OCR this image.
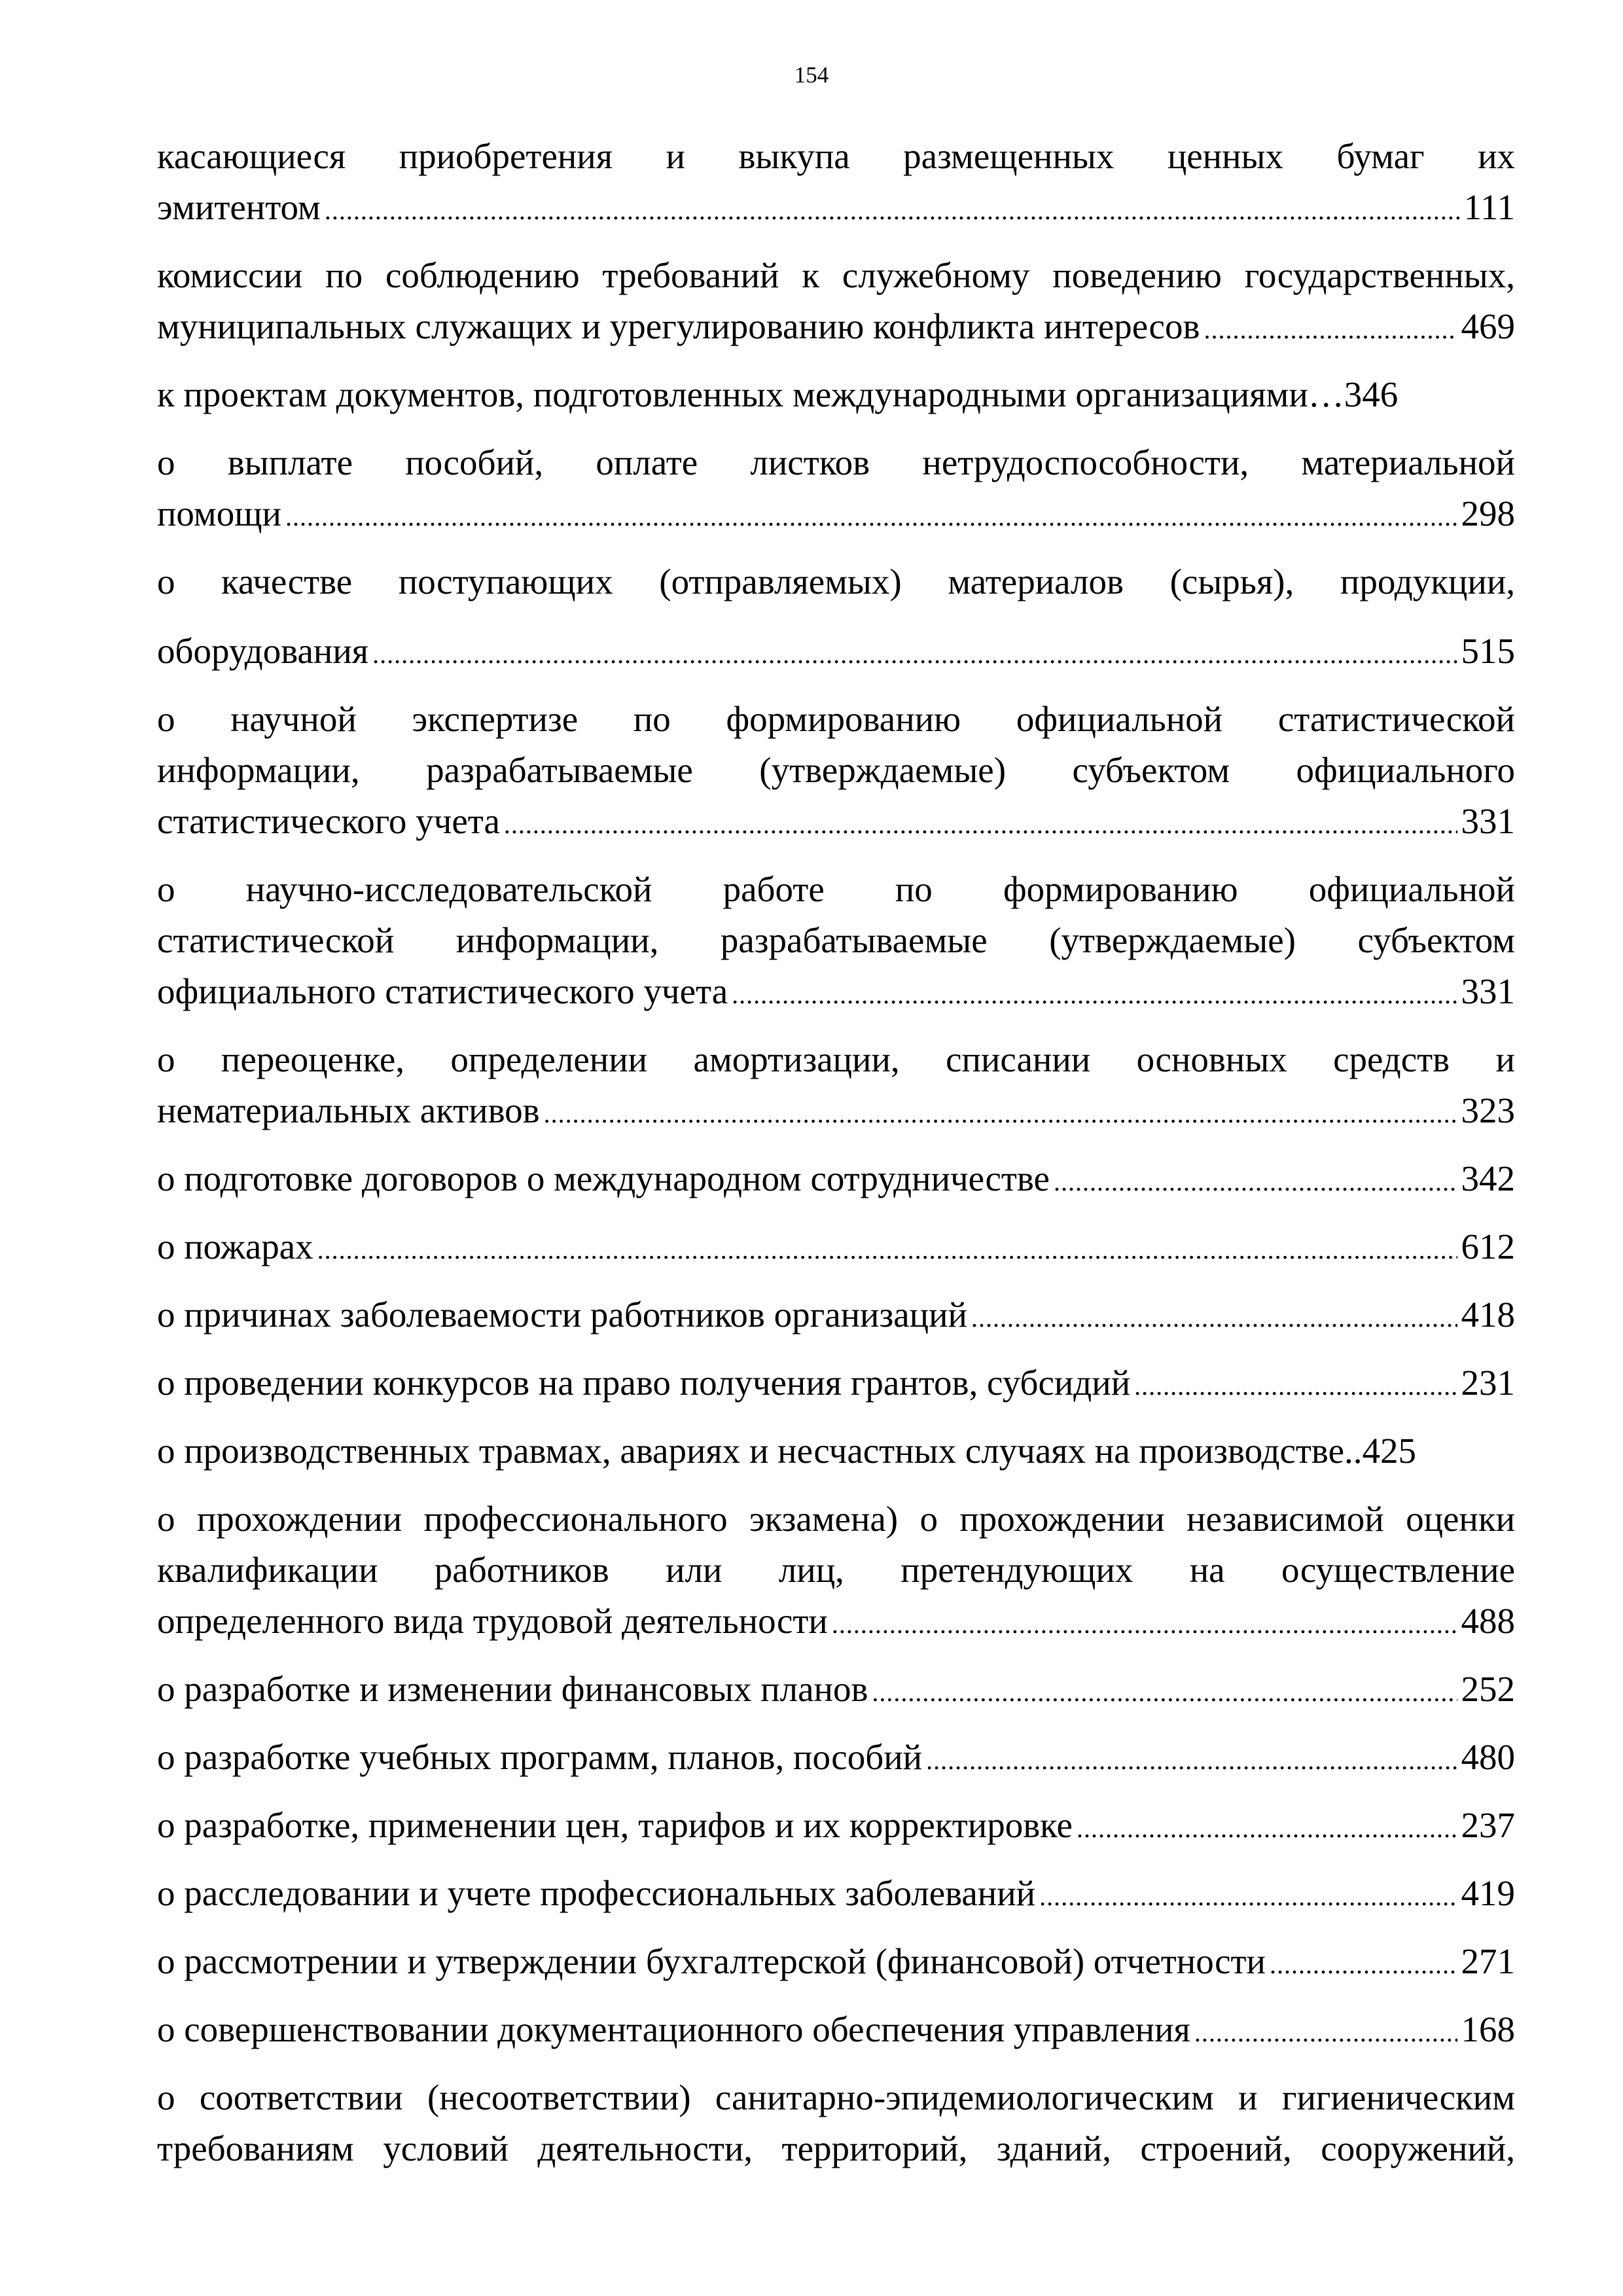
154
касающиеся приобретения и выкупа размещенных ценных бумаг их
эмитентом .....	111
комиссии по соблюдению требований к служебному поведению государственных,
муниципальных служащих и урегулированию конфликта интересов .....	469
к проектам документов, подготовленных международными организациями…346
о выплате пособий, оплате листков нетрудоспособности, материальной
помощи .....	298
о качестве поступающих (отправляемых) материалов (сырья), продукции,
оборудования .....	515
о научной экспертизе по формированию официальной статистической
информации, разрабатываемые (утверждаемые) субъектом официального
статистического учета .....	331
о научно-исследовательской работе по формированию официальной
статистической информации, разрабатываемые (утверждаемые) субъектом
официального статистического учета .....	331
о переоценке, определении амортизации, списании основных средств и
нематериальных активов .....	323
о подготовке договоров о международном сотрудничестве .....	342
о пожарах .....	612
о причинах заболеваемости работников организаций .....	418
о проведении конкурсов на право получения грантов, субсидий .....	231
о производственных травмах, авариях и несчастных случаях на производстве..425
о прохождении профессионального экзамена) о прохождении независимой оценки
квалификации работников или лиц, претендующих на осуществление
определенного вида трудовой деятельности .....	488
о разработке и изменении финансовых планов .....	252
о разработке учебных программ, планов, пособий .....	480
о разработке, применении цен, тарифов и их корректировке .....	237
о расследовании и учете профессиональных заболеваний .....	419
о рассмотрении и утверждении бухгалтерской (финансовой) отчетности .....	271
о совершенствовании документационного обеспечения управления .....	168
о соответствии (несоответствии) санитарно-эпидемиологическим и гигиеническим
требованиям условий деятельности, территорий, зданий, строений, сооружений,
